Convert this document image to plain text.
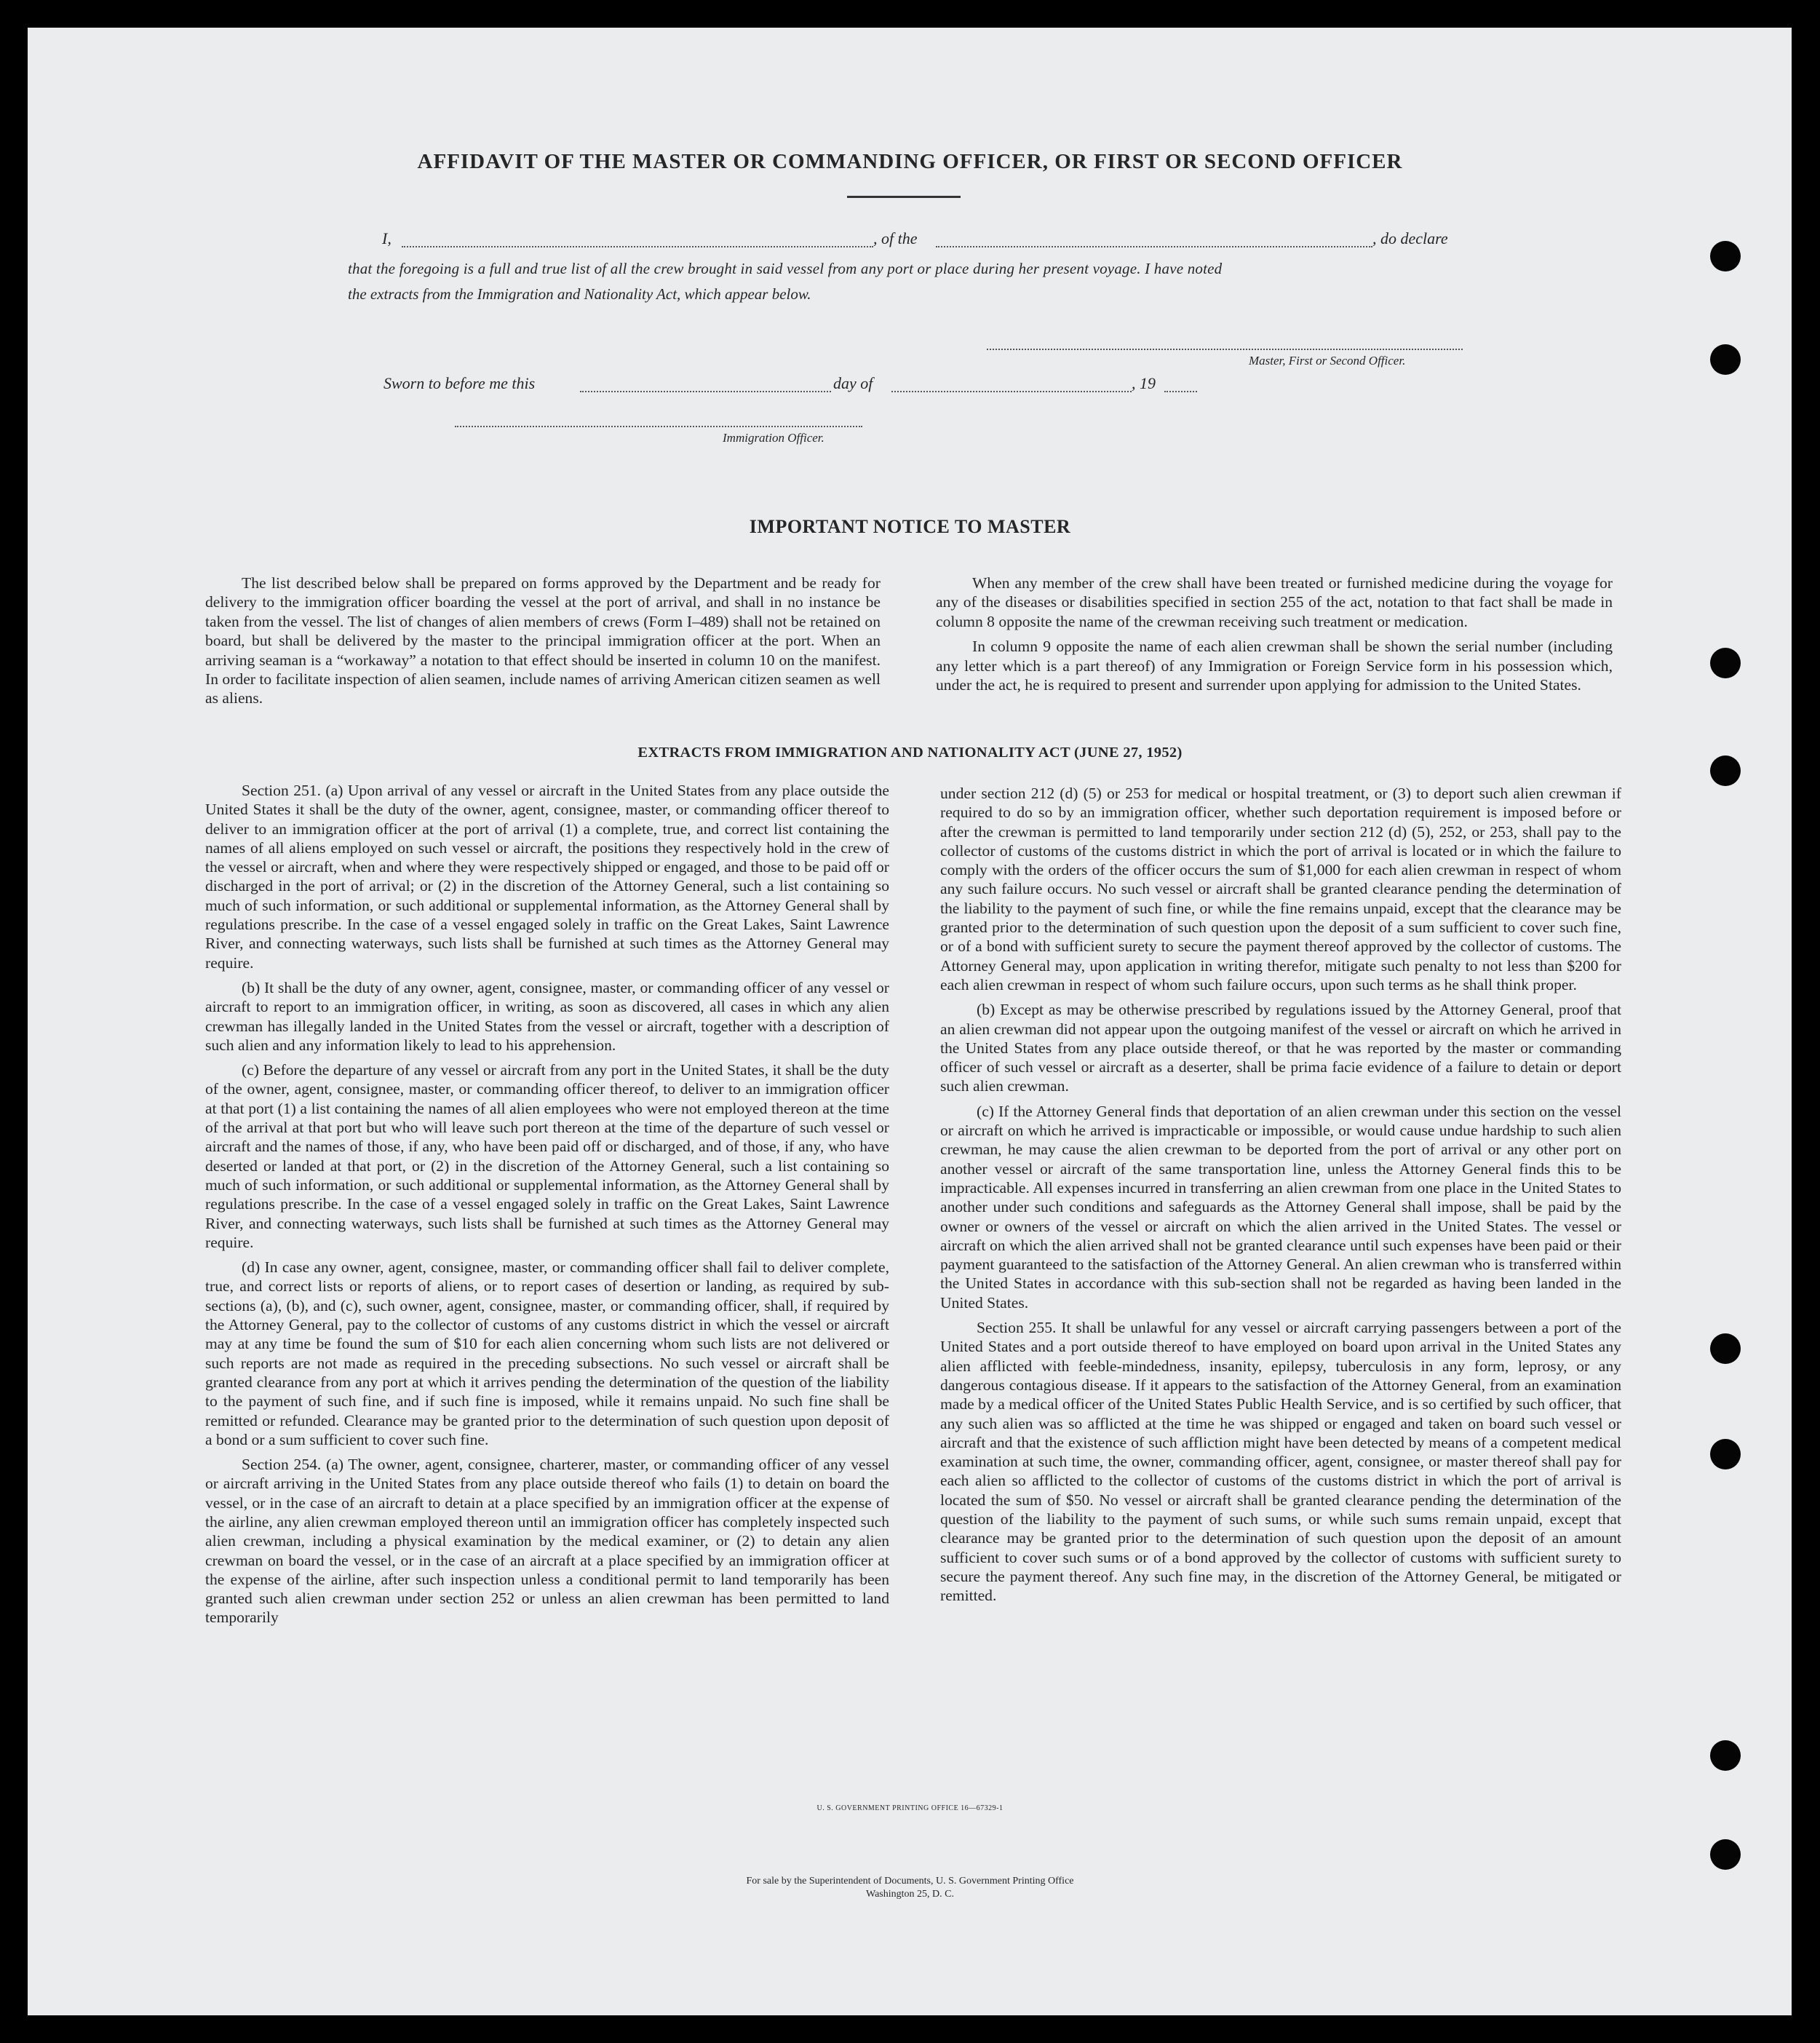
AFFIDAVIT OF THE MASTER OR COMMANDING OFFICER, OR FIRST OR SECOND OFFICER
I,	, of the	, do declare
that the foregoing is a full and true list of all the crew brought in said vessel from any port or place during her present voyage. I have noted
the extracts from the Immigration and Nationality Act, which appear below.
Master, First or Second Officer.
Sworn to before me this	day of	, 19
Immigration Officer.
IMPORTANT NOTICE TO MASTER

The list described below shall be prepared on forms approved by the Department and be ready for delivery to the immigration officer boarding the vessel at the port of arrival, and shall in no instance be taken from the vessel. The list of changes of alien members of crews (Form I–489) shall not be retained on board, but shall be delivered by the master to the principal immigration officer at the port. When an arriving seaman is a “workaway” a notation to that effect should be inserted in column 10 on the manifest. In order to facilitate inspection of alien seamen, include names of arriving American citizen seamen as well as aliens.

When any member of the crew shall have been treated or furnished medicine during the voyage for any of the diseases or disabilities specified in section 255 of the act, notation to that fact shall be made in column 8 opposite the name of the crewman receiving such treatment or medication.

In column 9 opposite the name of each alien crewman shall be shown the serial number (including any letter which is a part thereof) of any Immigration or Foreign Service form in his possession which, under the act, he is required to present and surrender upon applying for admission to the United States.

EXTRACTS FROM IMMIGRATION AND NATIONALITY ACT (JUNE 27, 1952)

Section 251. (a) Upon arrival of any vessel or aircraft in the United States from any place outside the United States it shall be the duty of the owner, agent, consignee, master, or commanding officer thereof to deliver to an immigration officer at the port of arrival (1) a complete, true, and correct list containing the names of all aliens employed on such vessel or aircraft, the positions they respectively hold in the crew of the vessel or aircraft, when and where they were respectively shipped or engaged, and those to be paid off or discharged in the port of arrival; or (2) in the discretion of the Attorney General, such a list containing so much of such information, or such additional or supplemental information, as the Attorney General shall by regulations prescribe. In the case of a vessel engaged solely in traffic on the Great Lakes, Saint Lawrence River, and connecting waterways, such lists shall be furnished at such times as the Attorney General may require.

(b) It shall be the duty of any owner, agent, consignee, master, or commanding officer of any vessel or aircraft to report to an immigration officer, in writing, as soon as discovered, all cases in which any alien crewman has illegally landed in the United States from the vessel or aircraft, together with a description of such alien and any information likely to lead to his apprehension.

(c) Before the departure of any vessel or aircraft from any port in the United States, it shall be the duty of the owner, agent, consignee, master, or commanding officer thereof, to deliver to an immigration officer at that port (1) a list containing the names of all alien employees who were not employed thereon at the time of the arrival at that port but who will leave such port thereon at the time of the departure of such vessel or aircraft and the names of those, if any, who have been paid off or discharged, and of those, if any, who have deserted or landed at that port, or (2) in the discretion of the Attorney General, such a list containing so much of such information, or such additional or supplemental information, as the Attorney General shall by regulations prescribe. In the case of a vessel engaged solely in traffic on the Great Lakes, Saint Lawrence River, and connecting waterways, such lists shall be furnished at such times as the Attorney General may require.

(d) In case any owner, agent, consignee, master, or commanding officer shall fail to deliver complete, true, and correct lists or reports of aliens, or to report cases of desertion or landing, as required by sub-sections (a), (b), and (c), such owner, agent, consignee, master, or commanding officer, shall, if required by the Attorney General, pay to the collector of customs of any customs district in which the vessel or aircraft may at any time be found the sum of $10 for each alien concerning whom such lists are not delivered or such reports are not made as required in the preceding subsections. No such vessel or aircraft shall be granted clearance from any port at which it arrives pending the determination of the question of the liability to the payment of such fine, and if such fine is imposed, while it remains unpaid. No such fine shall be remitted or refunded. Clearance may be granted prior to the determination of such question upon deposit of a bond or a sum sufficient to cover such fine.

Section 254. (a) The owner, agent, consignee, charterer, master, or commanding officer of any vessel or aircraft arriving in the United States from any place outside thereof who fails (1) to detain on board the vessel, or in the case of an aircraft to detain at a place specified by an immigration officer at the expense of the airline, any alien crewman employed thereon until an immigration officer has completely inspected such alien crewman, including a physical examination by the medical examiner, or (2) to detain any alien crewman on board the vessel, or in the case of an aircraft at a place specified by an immigration officer at the expense of the airline, after such inspection unless a conditional permit to land temporarily has been granted such alien crewman under section 252 or unless an alien crewman has been permitted to land temporarily

under section 212 (d) (5) or 253 for medical or hospital treatment, or (3) to deport such alien crewman if required to do so by an immigration officer, whether such deportation requirement is imposed before or after the crewman is permitted to land temporarily under section 212 (d) (5), 252, or 253, shall pay to the collector of customs of the customs district in which the port of arrival is located or in which the failure to comply with the orders of the officer occurs the sum of $1,000 for each alien crewman in respect of whom any such failure occurs. No such vessel or aircraft shall be granted clearance pending the determination of the liability to the payment of such fine, or while the fine remains unpaid, except that the clearance may be granted prior to the determination of such question upon the deposit of a sum sufficient to cover such fine, or of a bond with sufficient surety to secure the payment thereof approved by the collector of customs. The Attorney General may, upon application in writing therefor, mitigate such penalty to not less than $200 for each alien crewman in respect of whom such failure occurs, upon such terms as he shall think proper.

(b) Except as may be otherwise prescribed by regulations issued by the Attorney General, proof that an alien crewman did not appear upon the outgoing manifest of the vessel or aircraft on which he arrived in the United States from any place outside thereof, or that he was reported by the master or commanding officer of such vessel or aircraft as a deserter, shall be prima facie evidence of a failure to detain or deport such alien crewman.

(c) If the Attorney General finds that deportation of an alien crewman under this section on the vessel or aircraft on which he arrived is impracticable or impossible, or would cause undue hardship to such alien crewman, he may cause the alien crewman to be deported from the port of arrival or any other port on another vessel or aircraft of the same transportation line, unless the Attorney General finds this to be impracticable. All expenses incurred in transferring an alien crewman from one place in the United States to another under such conditions and safeguards as the Attorney General shall impose, shall be paid by the owner or owners of the vessel or aircraft on which the alien arrived in the United States. The vessel or aircraft on which the alien arrived shall not be granted clearance until such expenses have been paid or their payment guaranteed to the satisfaction of the Attorney General. An alien crewman who is transferred within the United States in accordance with this sub-section shall not be regarded as having been landed in the United States.

Section 255. It shall be unlawful for any vessel or aircraft carrying passengers between a port of the United States and a port outside thereof to have employed on board upon arrival in the United States any alien afflicted with feeble-mindedness, insanity, epilepsy, tuberculosis in any form, leprosy, or any dangerous contagious disease. If it appears to the satisfaction of the Attorney General, from an examination made by a medical officer of the United States Public Health Service, and is so certified by such officer, that any such alien was so afflicted at the time he was shipped or engaged and taken on board such vessel or aircraft and that the existence of such affliction might have been detected by means of a competent medical examination at such time, the owner, commanding officer, agent, consignee, or master thereof shall pay for each alien so afflicted to the collector of customs of the customs district in which the port of arrival is located the sum of $50. No vessel or aircraft shall be granted clearance pending the determination of the question of the liability to the payment of such sums, or while such sums remain unpaid, except that clearance may be granted prior to the determination of such question upon the deposit of an amount sufficient to cover such sums or of a bond approved by the collector of customs with sufficient surety to secure the payment thereof. Any such fine may, in the discretion of the Attorney General, be mitigated or remitted.

U. S. GOVERNMENT PRINTING OFFICE 16—67329-1
For sale by the Superintendent of Documents, U. S. Government Printing Office
Washington 25, D. C.
